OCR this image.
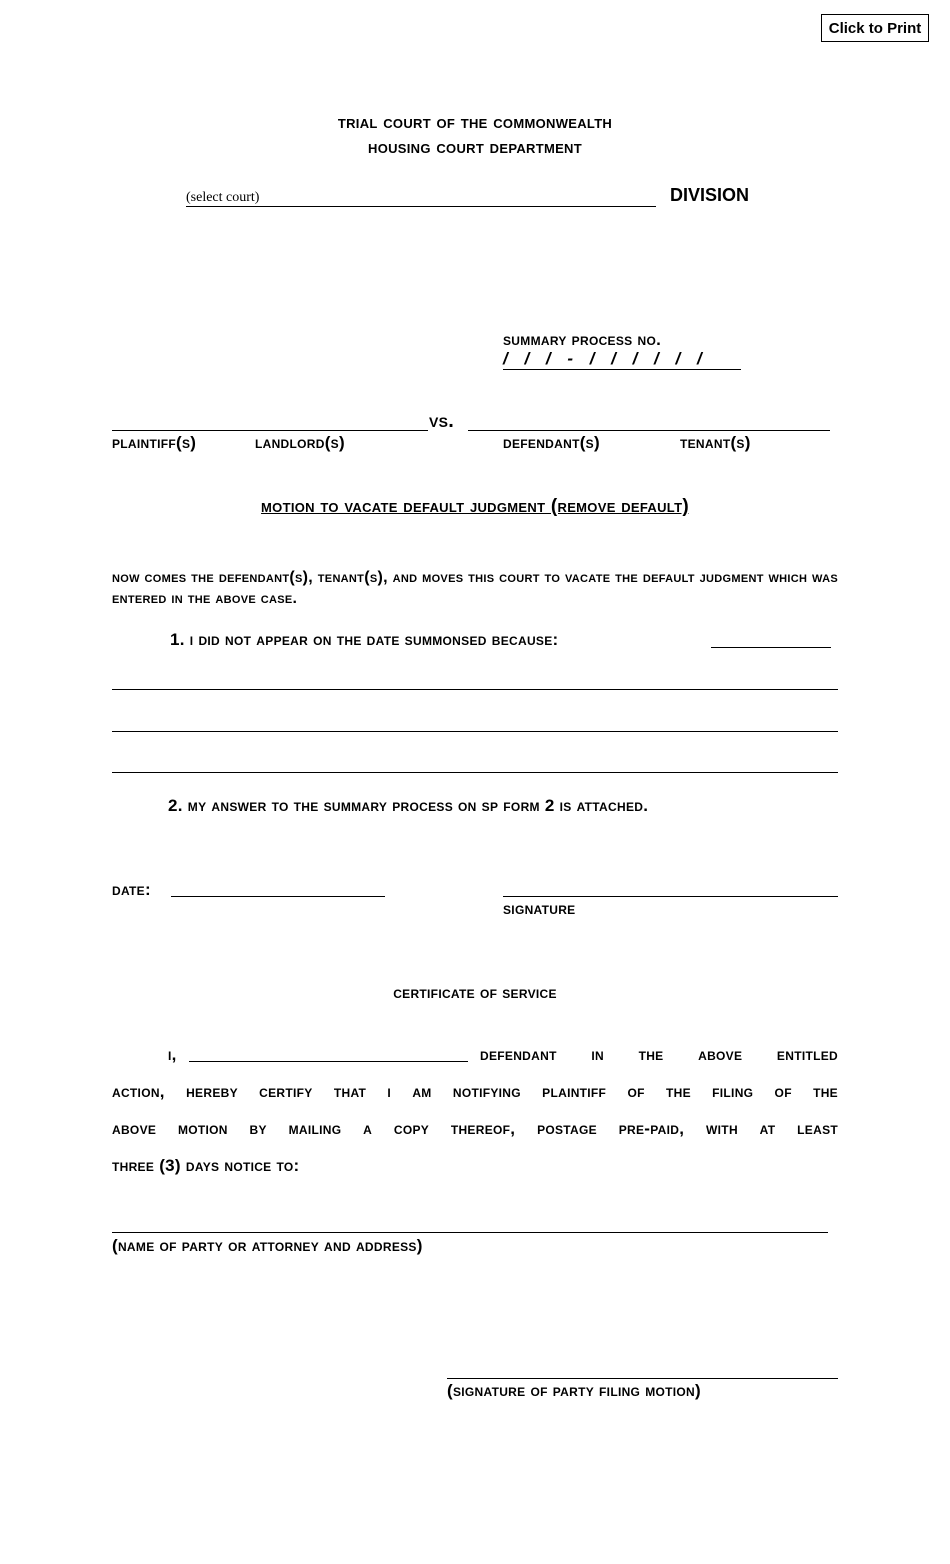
Click to Print
trial court of the commonwealth
housing court department
(select court)	DIVISION
summary process no.
/ / / - / / / / / /
vs.
plaintiff(s)	landlord(s)	defendant(s)	tenant(s)
motion to vacate default judgment (remove default)
now comes the defendant(s), tenant(s), and moves this court to vacate the default judgment which was entered in the above case.
1. i did not appear on the date summonsed because:
2. my answer to the summary process on sp form 2 is attached.
date:
signature
certificate of service
i,	defendant in the above entitled
action, hereby certify that i am notifying plaintiff of the filing of the
above motion by mailing a copy thereof, postage pre-paid, with at least
three (3) days notice to:
(name of party or attorney and address)
(signature of party filing motion)
